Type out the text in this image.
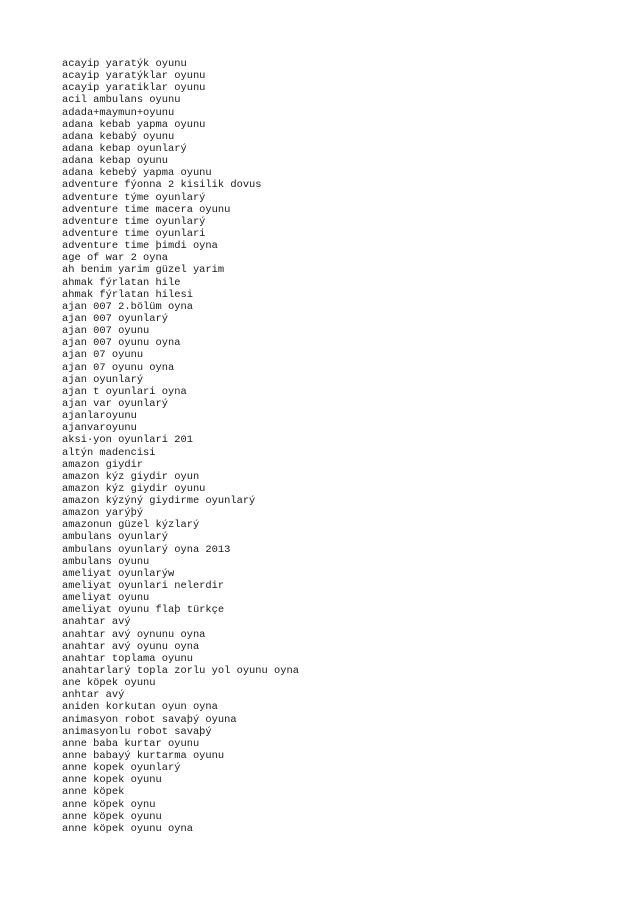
acayip yaratýk oyunu
acayip yaratýklar oyunu
acayip yaratiklar oyunu
acil ambulans oyunu
adada+maymun+oyunu
adana kebab yapma oyunu
adana kebabý oyunu
adana kebap oyunlarý
adana kebap oyunu
adana kebebý yapma oyunu
adventure fýonna 2 kisilik dovus
adventure týme oyunlarý
adventure time macera oyunu
adventure time oyunlarý
adventure time oyunlari
adventure time þimdi oyna
age of war 2 oyna
ah benim yarim güzel yarim
ahmak fýrlatan hile
ahmak fýrlatan hilesi
ajan 007 2.bölüm oyna
ajan 007 oyunlarý
ajan 007 oyunu
ajan 007 oyunu oyna
ajan 07 oyunu
ajan 07 oyunu oyna
ajan oyunlarý
ajan t oyunlari oyna
ajan var oyunlarý
ajanlaroyunu
ajanvaroyunu
aksi·yon oyunlari 201
altýn madencisi
amazon giydir
amazon kýz giydir oyun
amazon kýz giydir oyunu
amazon kýzýný giydirme oyunlarý
amazon yarýþý
amazonun güzel kýzlarý
ambulans oyunlarý
ambulans oyunlarý oyna 2013
ambulans oyunu
ameliyat oyunlarýw
ameliyat oyunlari nelerdir
ameliyat oyunu
ameliyat oyunu flaþ türkçe
anahtar avý
anahtar avý oynunu oyna
anahtar avý oyunu oyna
anahtar toplama oyunu
anahtarlarý topla zorlu yol oyunu oyna
ane köpek oyunu
anhtar avý
aniden korkutan oyun oyna
animasyon robot savaþý oyuna
animasyonlu robot savaþý
anne baba kurtar oyunu
anne babayý kurtarma oyunu
anne kopek oyunlarý
anne kopek oyunu
anne köpek
anne köpek oynu
anne köpek oyunu
anne köpek oyunu oyna
